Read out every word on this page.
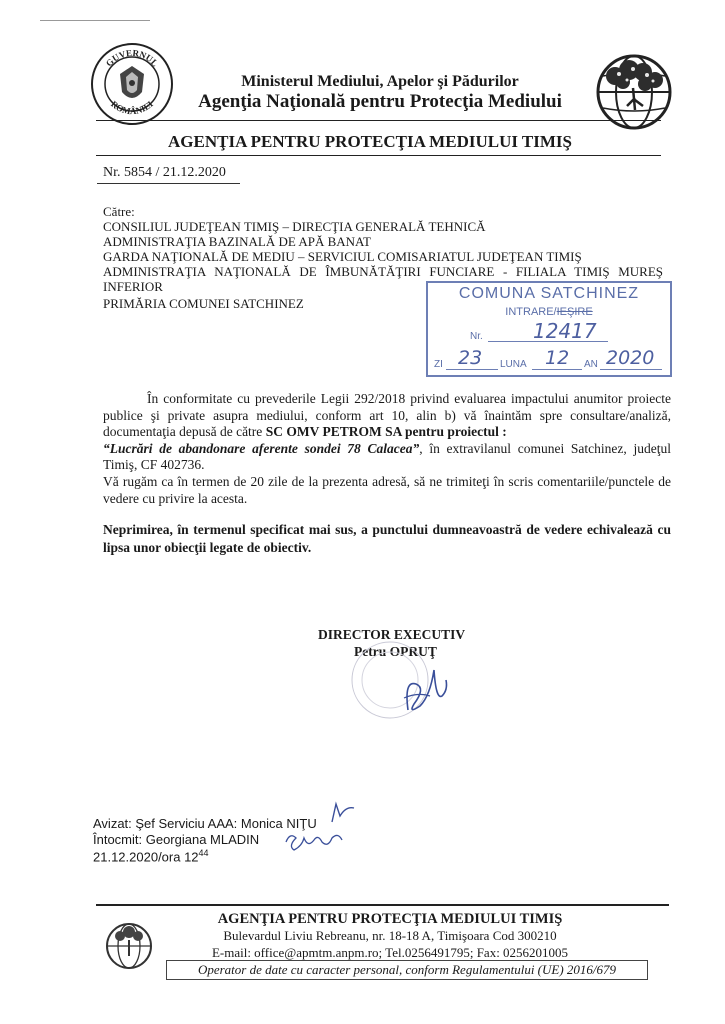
GUVERNUL
ROMÂNIEI
Ministerul Mediului, Apelor şi Pădurilor
Agenţia Naţională pentru Protecţia Mediului
AGENŢIA PENTRU PROTECŢIA MEDIULUI TIMIŞ
Nr. 5854 / 21.12.2020
Către:
CONSILIUL JUDEŢEAN TIMIŞ – DIRECŢIA GENERALĂ TEHNICĂ
ADMINISTRAŢIA BAZINALĂ DE APĂ BANAT
GARDA NAŢIONALĂ DE MEDIU – SERVICIUL COMISARIATUL JUDEŢEAN TIMIŞ
ADMINISTRAŢIA NAŢIONALĂ DE ÎMBUNĂTĂŢIRI FUNCIARE - FILIALA TIMIŞ MUREŞ INFERIOR
PRIMĂRIA COMUNEI SATCHINEZ
COMUNA SATCHINEZ
INTRARE/IEŞIRE
Nr.	12417
ZI 23 LUNA 12 AN 2020
În conformitate cu prevederile Legii 292/2018 privind evaluarea impactului anumitor proiecte publice şi private asupra mediului, conform art 10, alin b) vă înaintăm spre consultare/analiză, documentaţia depusă de către SC OMV PETROM SA pentru proiectul :
“Lucrări de abandonare aferente sondei 78 Calacea”, în extravilanul comunei Satchinez, judeţul Timiş, CF 402736.
Vă rugăm ca în termen de 20 zile de la prezenta adresă, să ne trimiteţi în scris comentariile/punctele de vedere cu privire la acesta.
Neprimirea, în termenul specificat mai sus, a punctului dumneavoastră de vedere echivalează cu lipsa unor obiecţii legate de obiectiv.
DIRECTOR EXECUTIV
Petru OPRUŢ
Avizat: Şef Serviciu AAA: Monica NIŢU
Întocmit: Georgiana MLADIN
21.12.2020/ora $12^{44}$
AGENŢIA PENTRU PROTECŢIA MEDIULUI TIMIŞ
Bulevardul Liviu Rebreanu, nr. 18-18 A, Timişoara Cod 300210
E-mail: office@apmtm.anpm.ro; Tel.0256491795; Fax: 0256201005
Operator de date cu caracter personal, conform Regulamentului (UE) 2016/679
